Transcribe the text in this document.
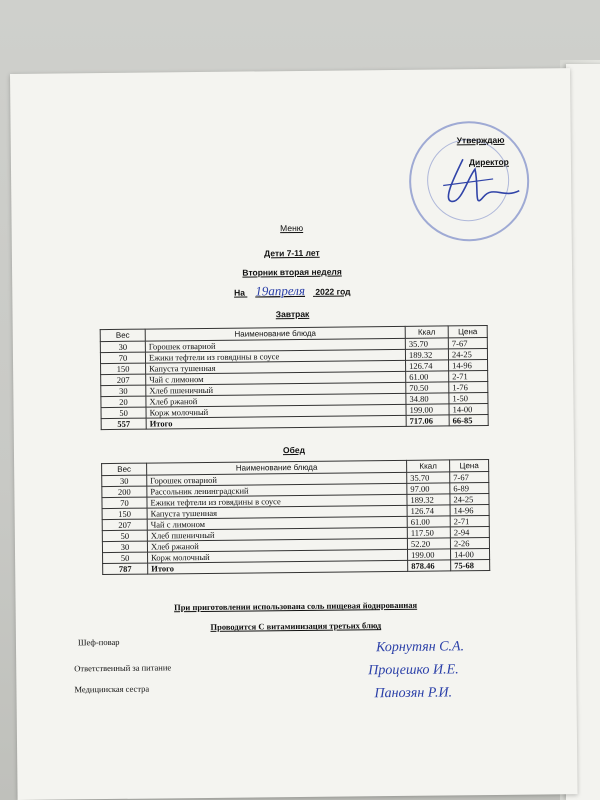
Утверждаю
Директор
Меню
Дети 7-11 лет
Вторник вторая неделя
На 19апреля 2022 год
Завтрак
Вес	Наименование блюда	Ккал	Цена
30	Горошек отварной	35.70	7-67
70	Ежики тефтели из говядины в соусе	189.32	24-25
150	Капуста тушенная	126.74	14-96
207	Чай с лимоном	61.00	2-71
30	Хлеб пшеничный	70.50	1-76
20	Хлеб ржаной	34.80	1-50
50	Корж молочный	199.00	14-00
557	Итого	717.06	66-85
Обед
Вес	Наименование блюда	Ккал	Цена
30	Горошек отварной	35.70	7-67
200	Рассольник ленинградский	97.00	6-89
70	Ежики тефтели из говядины в соусе	189.32	24-25
150	Капуста тушенная	126.74	14-96
207	Чай с лимоном	61.00	2-71
50	Хлеб пшеничный	117.50	2-94
30	Хлеб ржаной	52.20	2-26
50	Корж молочный	199.00	14-00
787	Итого	878.46	75-68
При приготовлении использована соль пищевая йодированная
Проводится С витаминизация третьих блюд
Шеф-повар
Ответственный за питание
Медицинская сестра
Корнутян С.А.
Процешко И.Е.
Панозян Р.И.
